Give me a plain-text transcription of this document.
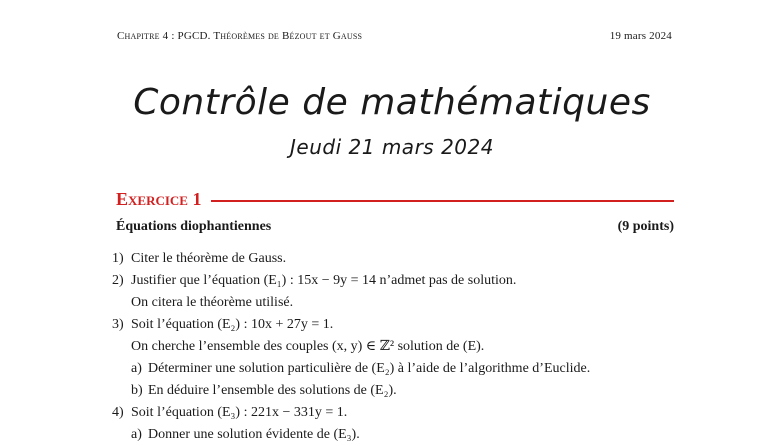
Chapitre 4 : PGCD. Théorèmes de Bézout et Gauss	19 mars 2024
Contrôle de mathématiques
Jeudi 21 mars 2024
Exercice 1
Équations diophantiennes	(9 points)
1) Citer le théorème de Gauss.
2) Justifier que l’équation (E₁) : 15x − 9y = 14 n’admet pas de solution.
On citera le théorème utilisé.
3) Soit l’équation (E₂) : 10x + 27y = 1.
On cherche l’ensemble des couples (x, y) ∈ ℤ² solution de (E).
a) Déterminer une solution particulière de (E₂) à l’aide de l’algorithme d’Euclide.
b) En déduire l’ensemble des solutions de (E₂).
4) Soit l’équation (E₃) : 221x − 331y = 1.
a) Donner une solution évidente de (E₃).
